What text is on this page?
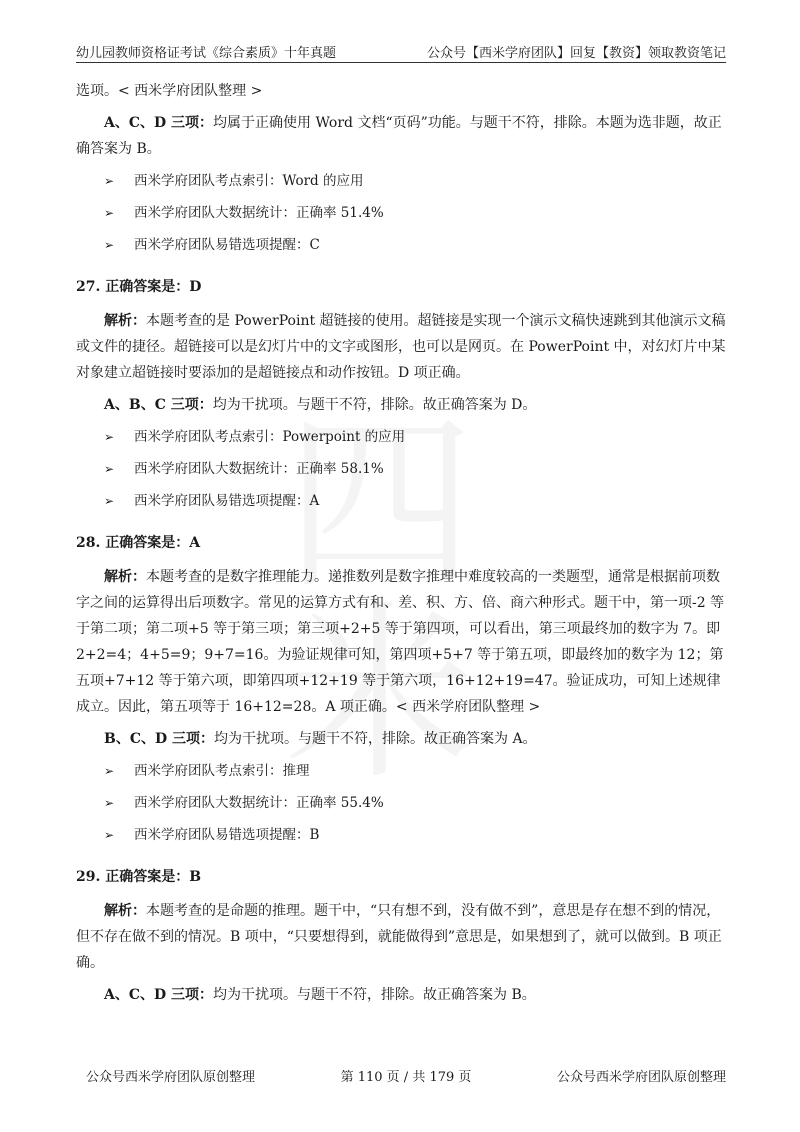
幼儿园教师资格证考试《综合素质》十年真题	公众号【西米学府团队】回复【教资】领取教资笔记

选项。< 西米学府团队整理 >

A、C、D 三项：均属于正确使用 Word 文档“页码”功能。与题干不符，排除。本题为选非题，故正确答案为 B。

➢ 西米学府团队考点索引：Word 的应用
➢ 西米学府团队大数据统计：正确率 51.4%
➢ 西米学府团队易错选项提醒：C
27. 正确答案是：D

解析：本题考查的是 PowerPoint 超链接的使用。超链接是实现一个演示文稿快速跳到其他演示文稿或文件的捷径。超链接可以是幻灯片中的文字或图形，也可以是网页。在 PowerPoint 中，对幻灯片中某对象建立超链接时要添加的是超链接点和动作按钮。D 项正确。

A、B、C 三项：均为干扰项。与题干不符，排除。故正确答案为 D。

➢ 西米学府团队考点索引：Powerpoint 的应用
➢ 西米学府团队大数据统计：正确率 58.1%
➢ 西米学府团队易错选项提醒：A
28. 正确答案是：A

解析：本题考查的是数字推理能力。递推数列是数字推理中难度较高的一类题型，通常是根据前项数字之间的运算得出后项数字。常见的运算方式有和、差、积、方、倍、商六种形式。题干中，第一项-2 等于第二项；第二项+5 等于第三项；第三项+2+5 等于第四项，可以看出，第三项最终加的数字为 7。即 2+2=4；4+5=9；9+7=16。为验证规律可知，第四项+5+7 等于第五项，即最终加的数字为 12；第五项+7+12 等于第六项，即第四项+12+19 等于第六项，16+12+19=47。验证成功，可知上述规律成立。因此，第五项等于 16+12=28。A 项正确。< 西米学府团队整理 >

B、C、D 三项：均为干扰项。与题干不符，排除。故正确答案为 A。

➢ 西米学府团队考点索引：推理
➢ 西米学府团队大数据统计：正确率 55.4%
➢ 西米学府团队易错选项提醒：B
29. 正确答案是：B

解析：本题考查的是命题的推理。题干中，“只有想不到，没有做不到”，意思是存在想不到的情况，但不存在做不到的情况。B 项中，“只要想得到，就能做得到”意思是，如果想到了，就可以做到。B 项正确。

A、C、D 三项：均为干扰项。与题干不符，排除。故正确答案为 B。

公众号西米学府团队原创整理	第 110 页 / 共 179 页	公众号西米学府团队原创整理
